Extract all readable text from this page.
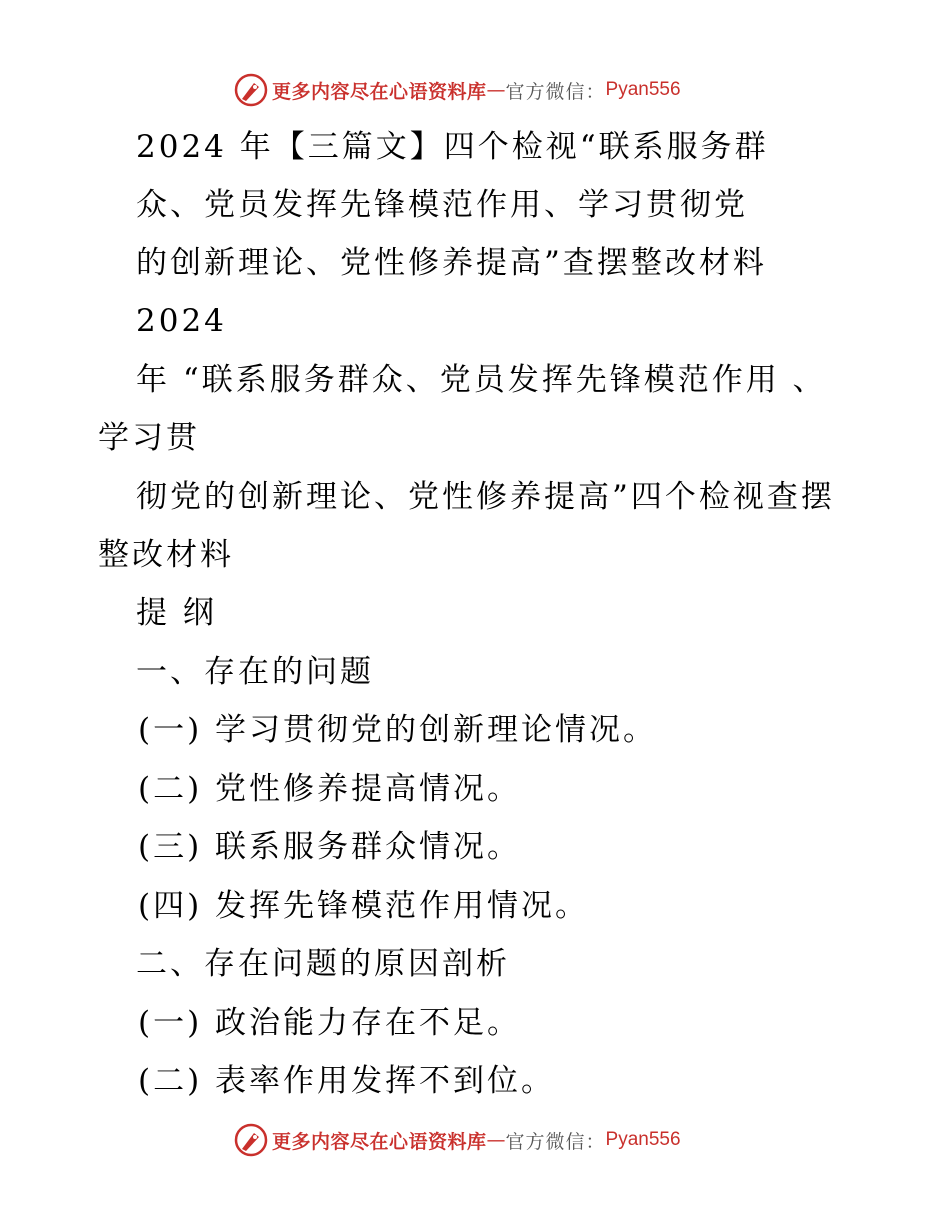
更多内容尽在心语资料库 — 官方微信： Pyan556
2024 年【三篇文】四个检视“联系服务群
众、党员发挥先锋模范作用、学习贯彻党
的创新理论、党性修养提高”查摆整改材料
2024
年 “联系服务群众、党员发挥先锋模范作用 、
学习贯
彻党的创新理论、党性修养提高”四个检视查摆
整改材料
提 纲
一、存在的问题
(一) 学习贯彻党的创新理论情况。
(二) 党性修养提高情况。
(三) 联系服务群众情况。
(四) 发挥先锋模范作用情况。
二、存在问题的原因剖析
(一) 政治能力存在不足。
(二) 表率作用发挥不到位。
更多内容尽在心语资料库 — 官方微信： Pyan556
